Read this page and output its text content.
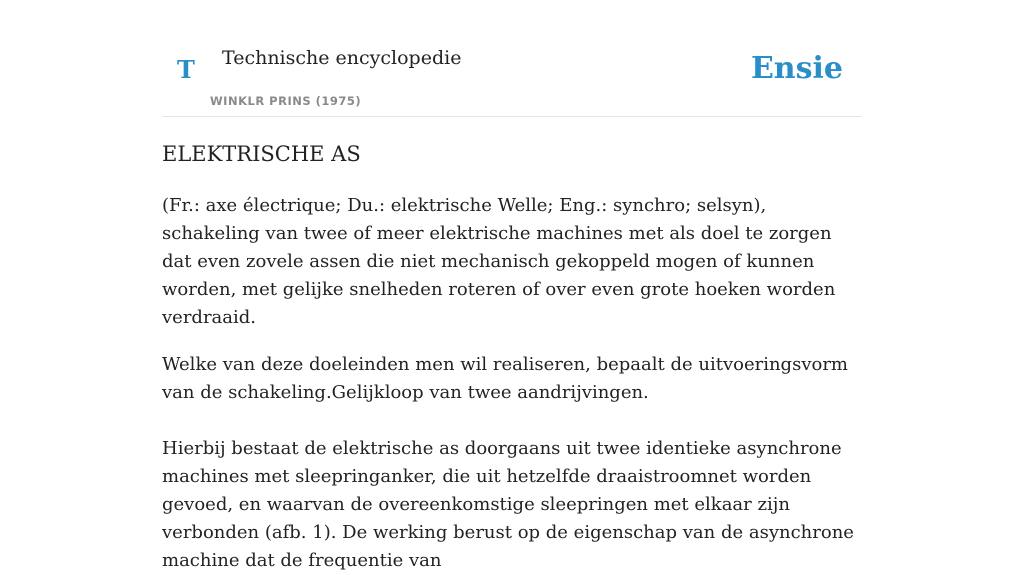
T Technische encyclopedie
WINKLR PRINS (1975)
Ensie
ELEKTRISCHE AS

(Fr.: axe électrique; Du.: elektrische Welle; Eng.: synchro; selsyn), schakeling van twee of meer elektrische machines met als doel te zorgen dat even zovele assen die niet mechanisch gekoppeld mogen of kunnen worden, met gelijke snelheden roteren of over even grote hoeken worden verdraaid.

Welke van deze doeleinden men wil realiseren, bepaalt de uitvoeringsvorm van de schakeling.Gelijkloop van twee aandrijvingen.

Hierbij bestaat de elektrische as doorgaans uit twee identieke asynchrone machines met sleepringanker, die uit hetzelfde draaistroomnet worden gevoed, en waarvan de overeenkomstige sleepringen met elkaar zijn verbonden (afb. 1). De werking berust op de eigenschap van de asynchrone machine dat de frequentie van
